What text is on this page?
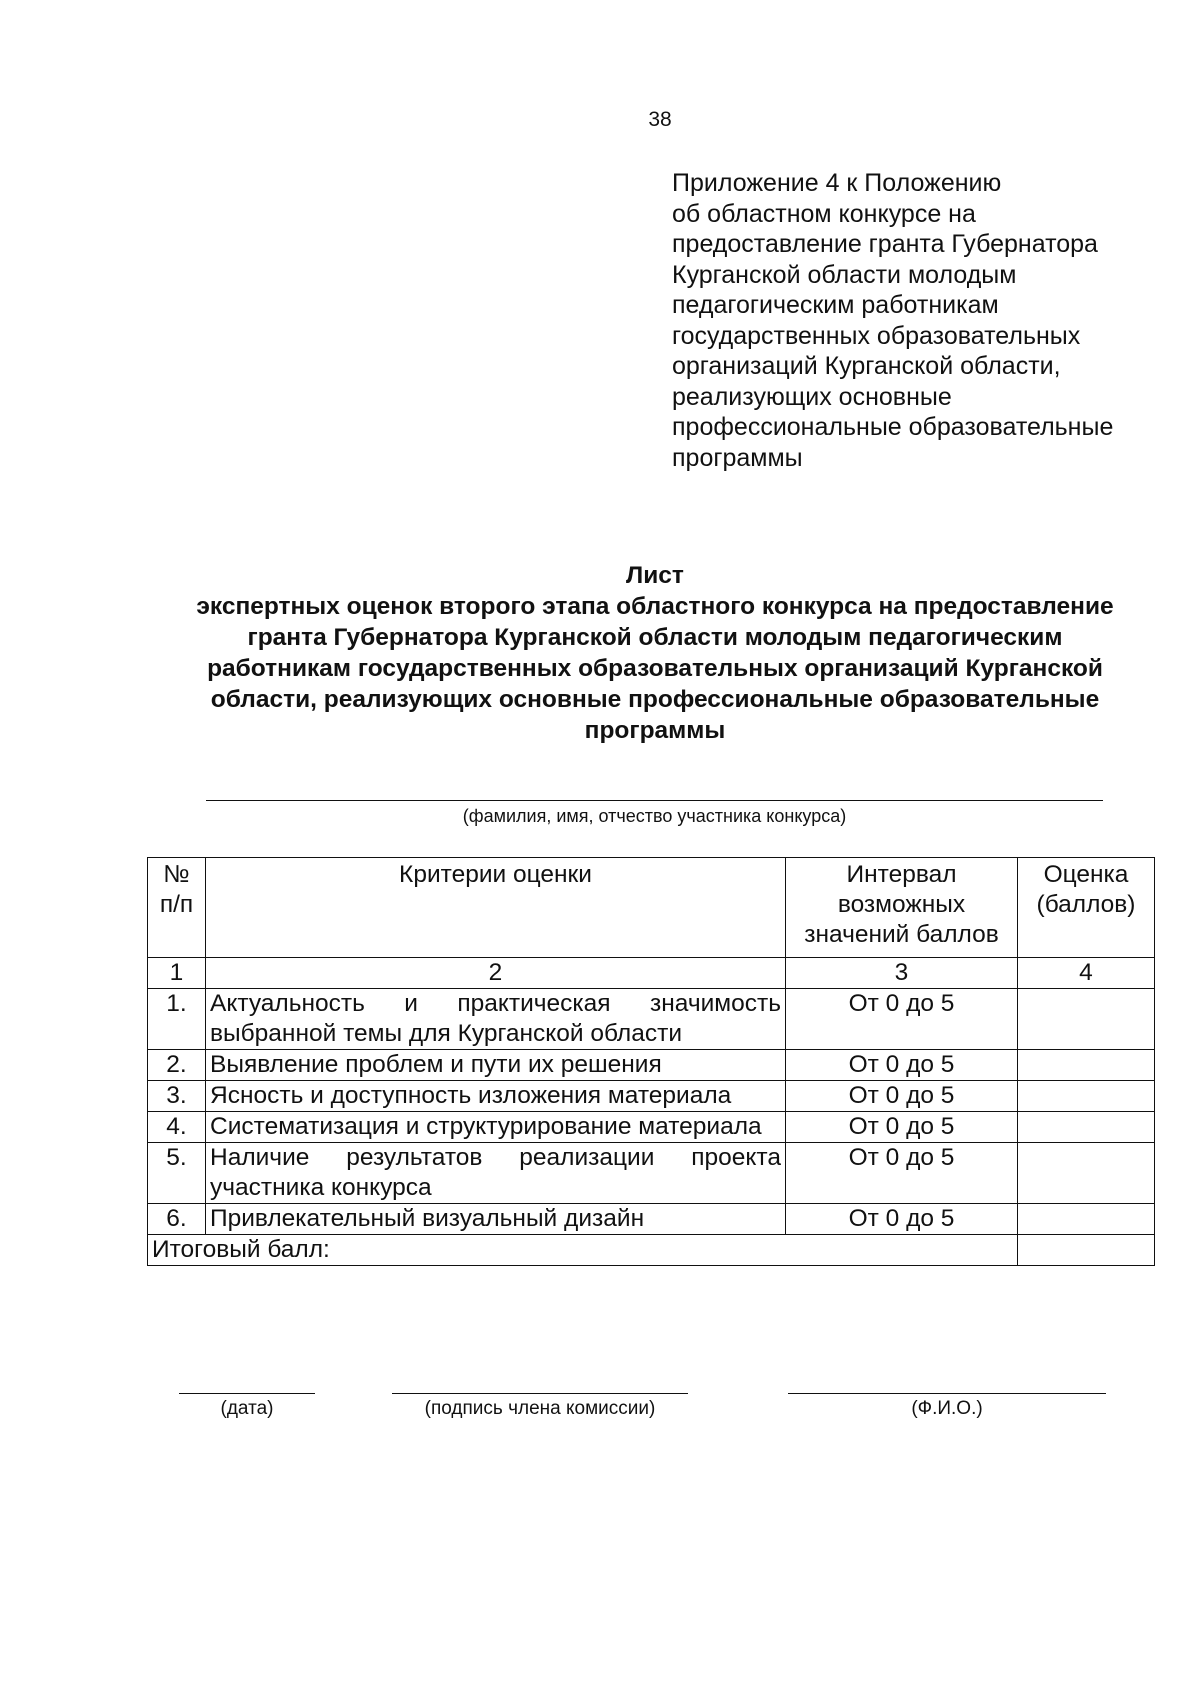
38
Приложение 4 к Положению
об областном конкурсе на
предоставление гранта Губернатора
Курганской области молодым
педагогическим работникам
государственных образовательных
организаций Курганской области,
реализующих основные
профессиональные образовательные
программы
Лист
экспертных оценок второго этапа областного конкурса на предоставление
гранта Губернатора Курганской области молодым педагогическим
работникам государственных образовательных организаций Курганской
области, реализующих основные профессиональные образовательные
программы
(фамилия, имя, отчество участника конкурса)
№ п/п	Критерии оценки	Интервал возможных значений баллов	Оценка (баллов)
1	2	3	4
1.	Актуальность и практическая значимость выбранной темы для Курганской области	От 0 до 5	
2.	Выявление проблем и пути их решения	От 0 до 5	
3.	Ясность и доступность изложения материала	От 0 до 5	
4.	Систематизация и структурирование материала	От 0 до 5	
5.	Наличие результатов реализации проекта участника конкурса	От 0 до 5	
6.	Привлекательный визуальный дизайн	От 0 до 5	
Итоговый балл:			
(дата)	(подпись члена комиссии)	(Ф.И.О.)
